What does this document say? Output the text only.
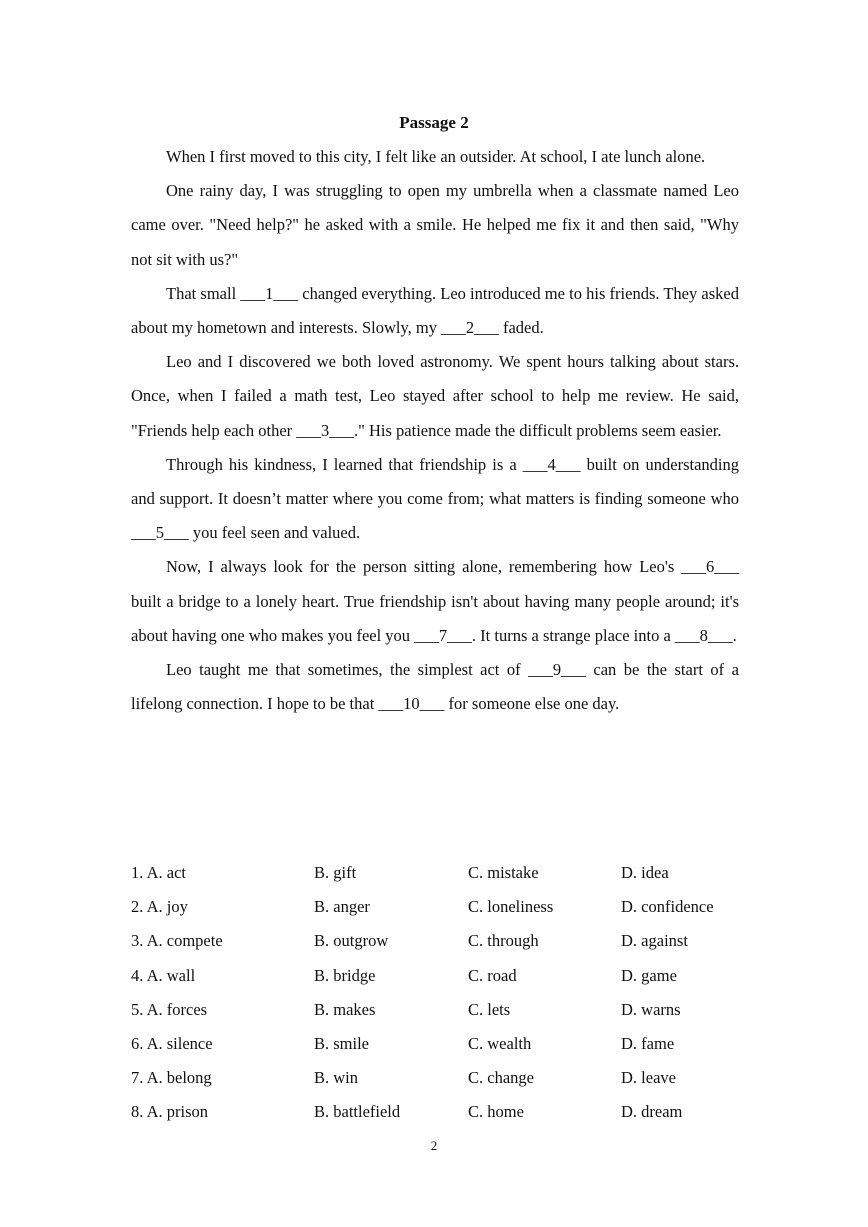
Passage 2

When I first moved to this city, I felt like an outsider. At school, I ate lunch alone.

One rainy day, I was struggling to open my umbrella when a classmate named Leo came over. "Need help?" he asked with a smile. He helped me fix it and then said, "Why not sit with us?"

That small ___1___ changed everything. Leo introduced me to his friends. They asked about my hometown and interests. Slowly, my ___2___ faded.

Leo and I discovered we both loved astronomy. We spent hours talking about stars. Once, when I failed a math test, Leo stayed after school to help me review. He said, "Friends help each other ___3___." His patience made the difficult problems seem easier.

Through his kindness, I learned that friendship is a ___4___ built on understanding and support. It doesn’t matter where you come from; what matters is finding someone who ___5___ you feel seen and valued.

Now, I always look for the person sitting alone, remembering how Leo's ___6___ built a bridge to a lonely heart. True friendship isn't about having many people around; it's about having one who makes you feel you ___7___. It turns a strange place into a ___8___.

Leo taught me that sometimes, the simplest act of ___9___ can be the start of a lifelong connection. I hope to be that ___10___ for someone else one day.

1. A. act	B. gift	C. mistake	D. idea
2. A. joy	B. anger	C. loneliness	D. confidence
3. A. compete	B. outgrow	C. through	D. against
4. A. wall	B. bridge	C. road	D. game
5. A. forces	B. makes	C. lets	D. warns
6. A. silence	B. smile	C. wealth	D. fame
7. A. belong	B. win	C. change	D. leave
8. A. prison	B. battlefield	C. home	D. dream
2
